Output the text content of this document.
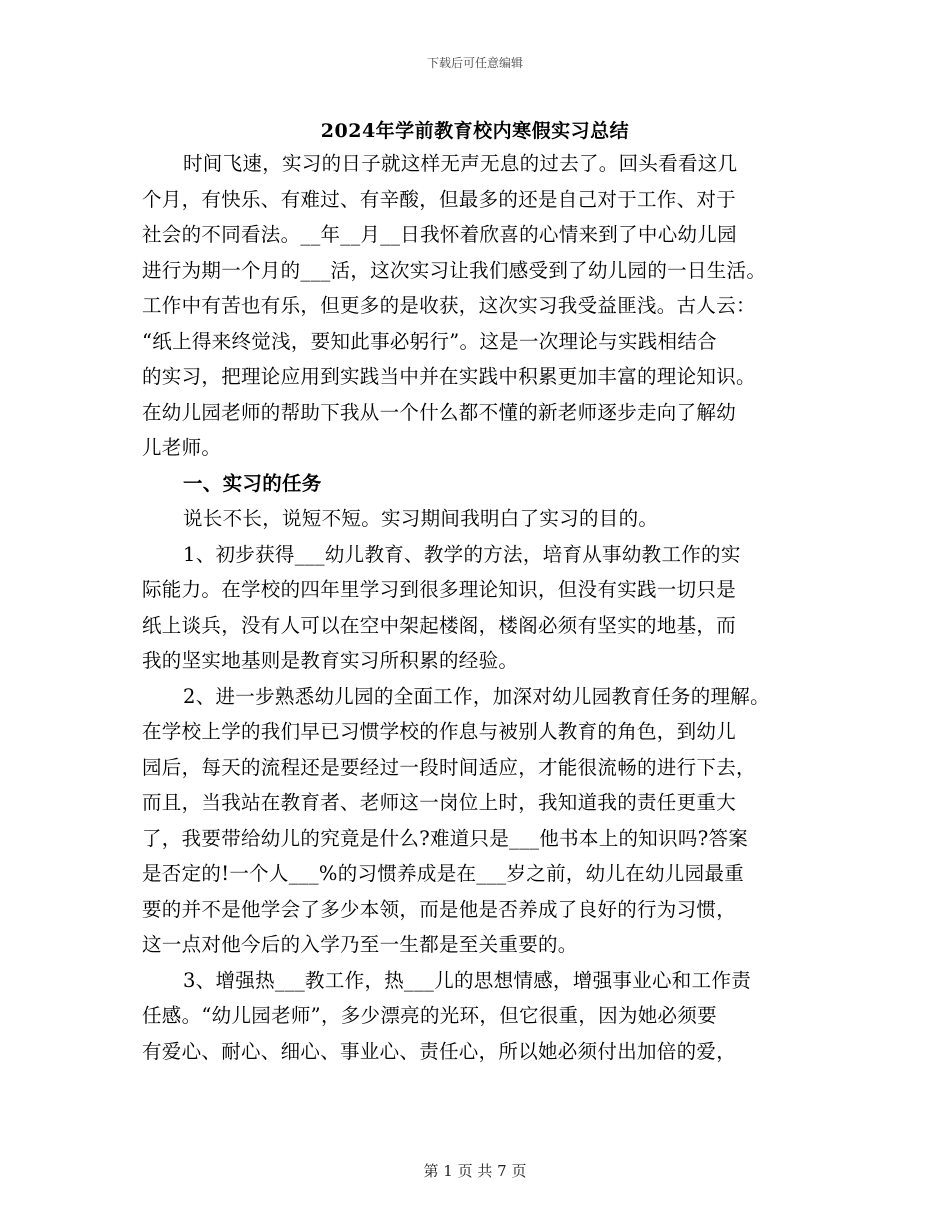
下载后可任意编辑
2024年学前教育校内寒假实习总结
时间飞速，实习的日子就这样无声无息的过去了。回头看看这几
个月，有快乐、有难过、有辛酸，但最多的还是自己对于工作、对于
社会的不同看法。__年__月__日我怀着欣喜的心情来到了中心幼儿园
进行为期一个月的___活，这次实习让我们感受到了幼儿园的一日生活。
工作中有苦也有乐，但更多的是收获，这次实习我受益匪浅。古人云：
“纸上得来终觉浅，要知此事必躬行”。这是一次理论与实践相结合
的实习，把理论应用到实践当中并在实践中积累更加丰富的理论知识。
在幼儿园老师的帮助下我从一个什么都不懂的新老师逐步走向了解幼
儿老师。
一、实习的任务
说长不长，说短不短。实习期间我明白了实习的目的。
1、初步获得___幼儿教育、教学的方法，培育从事幼教工作的实
际能力。在学校的四年里学习到很多理论知识，但没有实践一切只是
纸上谈兵，没有人可以在空中架起楼阁，楼阁必须有坚实的地基，而
我的坚实地基则是教育实习所积累的经验。
2、进一步熟悉幼儿园的全面工作，加深对幼儿园教育任务的理解。
在学校上学的我们早已习惯学校的作息与被别人教育的角色，到幼儿
园后，每天的流程还是要经过一段时间适应，才能很流畅的进行下去，
而且，当我站在教育者、老师这一岗位上时，我知道我的责任更重大
了，我要带给幼儿的究竟是什么?难道只是___他书本上的知识吗?答案
是否定的!一个人___%的习惯养成是在___岁之前，幼儿在幼儿园最重
要的并不是他学会了多少本领，而是他是否养成了良好的行为习惯，
这一点对他今后的入学乃至一生都是至关重要的。
3、增强热___教工作，热___儿的思想情感，增强事业心和工作责
任感。“幼儿园老师”，多少漂亮的光环，但它很重，因为她必须要
有爱心、耐心、细心、事业心、责任心，所以她必须付出加倍的爱，
第 1 页 共 7 页
